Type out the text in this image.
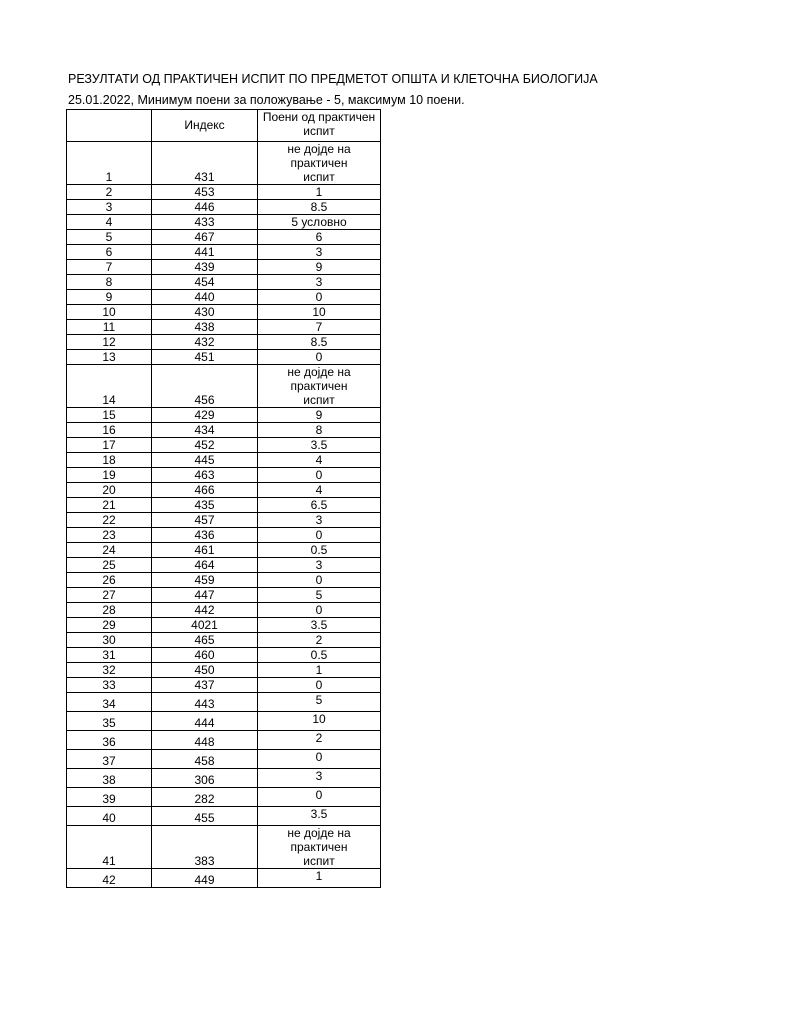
РЕЗУЛТАТИ ОД ПРАКТИЧЕН ИСПИТ ПО ПРЕДМЕТОТ ОПШТА И КЛЕТОЧНА БИОЛОГИЈА
25.01.2022, Минимум поени за положување - 5, максимум 10 поени.
	Индекс	Поени од практичен испит
1	431	не дојде на практичен испит
2	453	1
3	446	8.5
4	433	5 условно
5	467	6
6	441	3
7	439	9
8	454	3
9	440	0
10	430	10
11	438	7
12	432	8.5
13	451	0
14	456	не дојде на практичен испит
15	429	9
16	434	8
17	452	3.5
18	445	4
19	463	0
20	466	4
21	435	6.5
22	457	3
23	436	0
24	461	0.5
25	464	3
26	459	0
27	447	5
28	442	0
29	4021	3.5
30	465	2
31	460	0.5
32	450	1
33	437	0
34	443	5
35	444	10
36	448	2
37	458	0
38	306	3
39	282	0
40	455	3.5
41	383	не дојде на практичен испит
42	449	1
